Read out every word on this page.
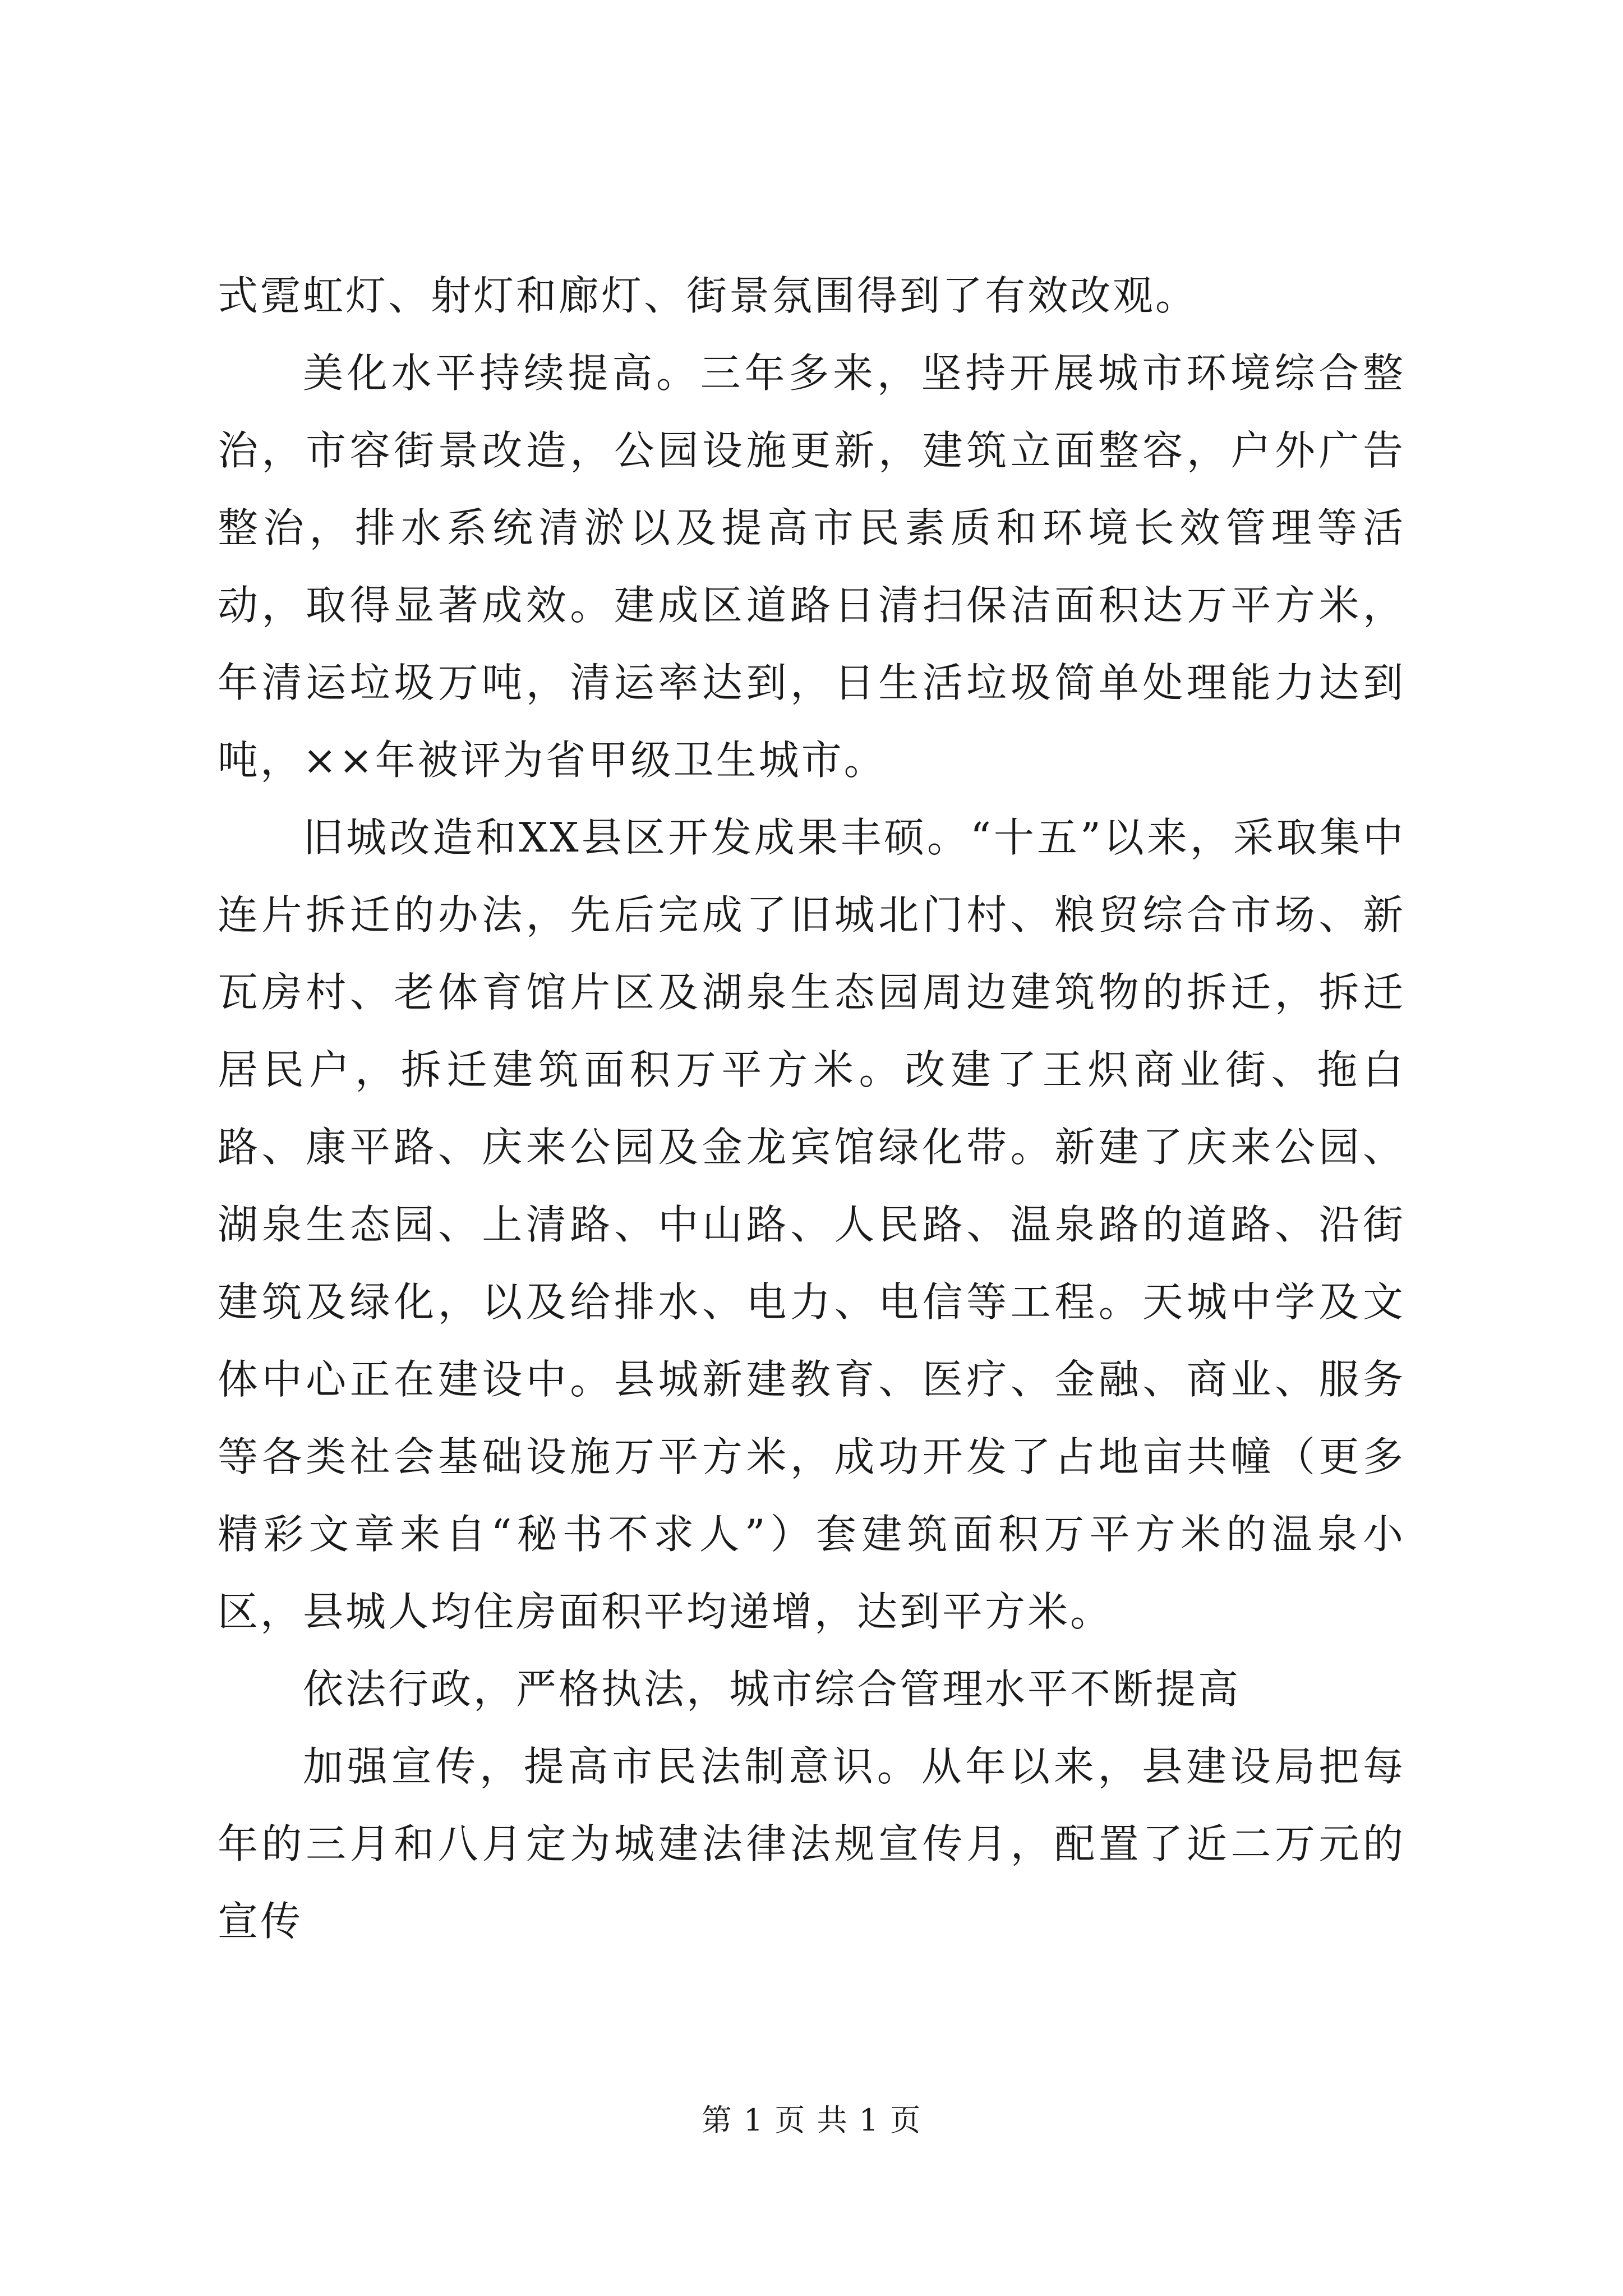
式霓虹灯、射灯和廊灯、街景氛围得到了有效改观。

美化水平持续提高。三年多来，坚持开展城市环境综合整治，市容街景改造，公园设施更新，建筑立面整容，户外广告整治，排水系统清淤以及提高市民素质和环境长效管理等活动，取得显著成效。建成区道路日清扫保洁面积达万平方米，年清运垃圾万吨，清运率达到，日生活垃圾简单处理能力达到吨，××年被评为省甲级卫生城市。

旧城改造和XX县区开发成果丰硕。“十五”以来，采取集中连片拆迁的办法，先后完成了旧城北门村、粮贸综合市场、新瓦房村、老体育馆片区及湖泉生态园周边建筑物的拆迁，拆迁居民户，拆迁建筑面积万平方米。改建了王炽商业街、拖白路、康平路、庆来公园及金龙宾馆绿化带。新建了庆来公园、湖泉生态园、上清路、中山路、人民路、温泉路的道路、沿街建筑及绿化，以及给排水、电力、电信等工程。天城中学及文体中心正在建设中。县城新建教育、医疗、金融、商业、服务等各类社会基础设施万平方米，成功开发了占地亩共幢（更多精彩文章来自“秘书不求人”）套建筑面积万平方米的温泉小区，县城人均住房面积平均递增，达到平方米。

依法行政，严格执法，城市综合管理水平不断提高

加强宣传，提高市民法制意识。从年以来，县建设局把每年的三月和八月定为城建法律法规宣传月，配置了近二万元的宣传

第 1 页 共 1 页
